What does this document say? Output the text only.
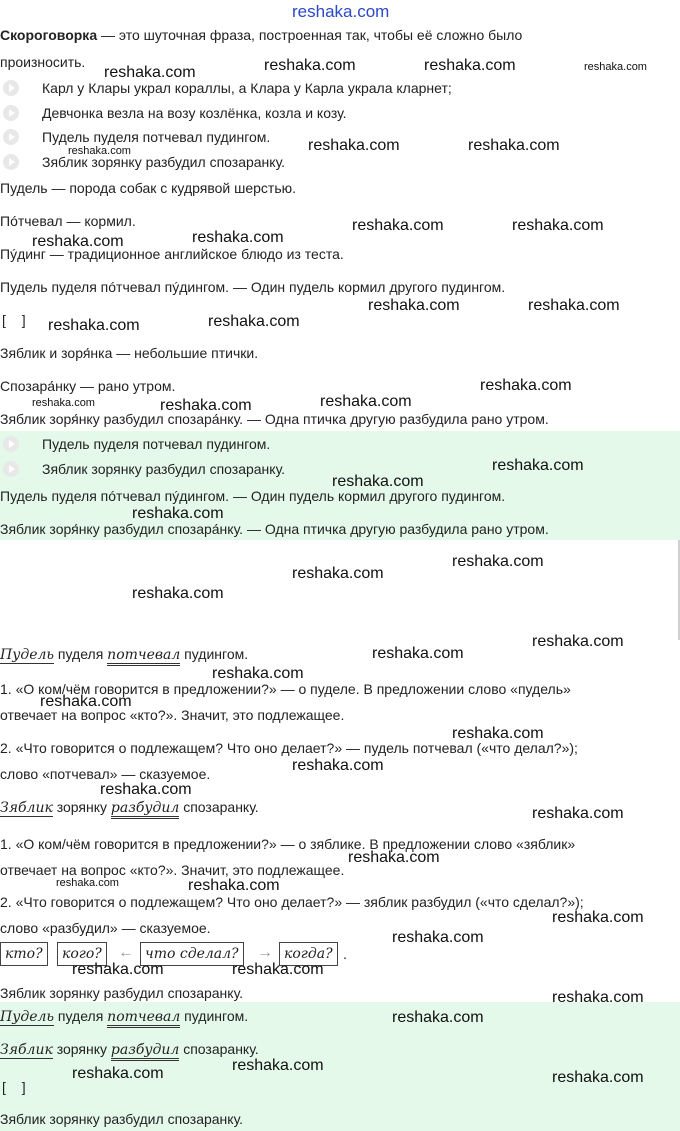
Скороговорка — это шуточная фраза, построенная так, чтобы её сложно было
произносить.
Карл у Клары украл кораллы, а Клара у Карла украла кларнет;
Девчонка везла на возу козлёнка, козла и козу.
Пудель пуделя потчевал пудингом.
Зяблик зорянку разбудил спозаранку.
Пудель — порода собак с кудрявой шерстью.
Пóтчевал — кормил.
Пýдинг — традиционное английское блюдо из теста.
Пудель пуделя пóтчевал пýдингом. — Один пудель кормил другого пудингом.
[ ]
Зяблик и зоря́нка — небольшие птички.
Спозара́нку — рано утром.
Зяблик зоря́нку разбудил спозара́нку. — Одна птичка другую разбудила рано утром.
Пудель пуделя потчевал пудингом.
Зяблик зорянку разбудил спозаранку.
Пудель пуделя пóтчевал пýдингом. — Один пудель кормил другого пудингом.
Зяблик зоря́нку разбудил спозара́нку. — Одна птичка другую разбудила рано утром.
Пудель пуделя потчевал пудингом.
1. «О ком/чём говорится в предложении?» — о пуделе. В предложении слово «пудель»
отвечает на вопрос «кто?». Значит, это подлежащее.
2. «Что говорится о подлежащем? Что оно делает?» — пудель потчевал («что делал?»);
слово «потчевал» — сказуемое.
Зяблик зорянку разбудил спозаранку.
1. «О ком/чём говорится в предложении?» — о зяблике. В предложении слово «зяблик»
отвечает на вопрос «кто?». Значит, это подлежащее.
2. «Что говорится о подлежащем? Что оно делает?» — зяблик разбудил («что сделал?»);
слово «разбудил» — сказуемое.
кто?	кого?	← что сделал?	→ когда? .
Зяблик зорянку разбудил спозаранку.
Пудель пуделя потчевал пудингом.
Зяблик зорянку разбудил спозаранку.
[ ]
Зяблик зорянку разбудил спозаранку.
reshaka.com
reshaka.com	reshaka.com	reshaka.com	reshaka.com
reshaka.com	reshaka.com	reshaka.com
reshaka.com	reshaka.com
reshaka.com	reshaka.com
reshaka.com	reshaka.com
reshaka.com	reshaka.com
reshaka.com
reshaka.com	reshaka.com	reshaka.com
reshaka.com
reshaka.com
reshaka.com
reshaka.com
reshaka.com
reshaka.com
reshaka.com
reshaka.com
reshaka.com
reshaka.com
reshaka.com
reshaka.com
reshaka.com
reshaka.com
reshaka.com
reshaka.com	reshaka.com
reshaka.com
reshaka.com
reshaka.com	reshaka.com
reshaka.com
reshaka.com
reshaka.com
reshaka.com	reshaka.com
